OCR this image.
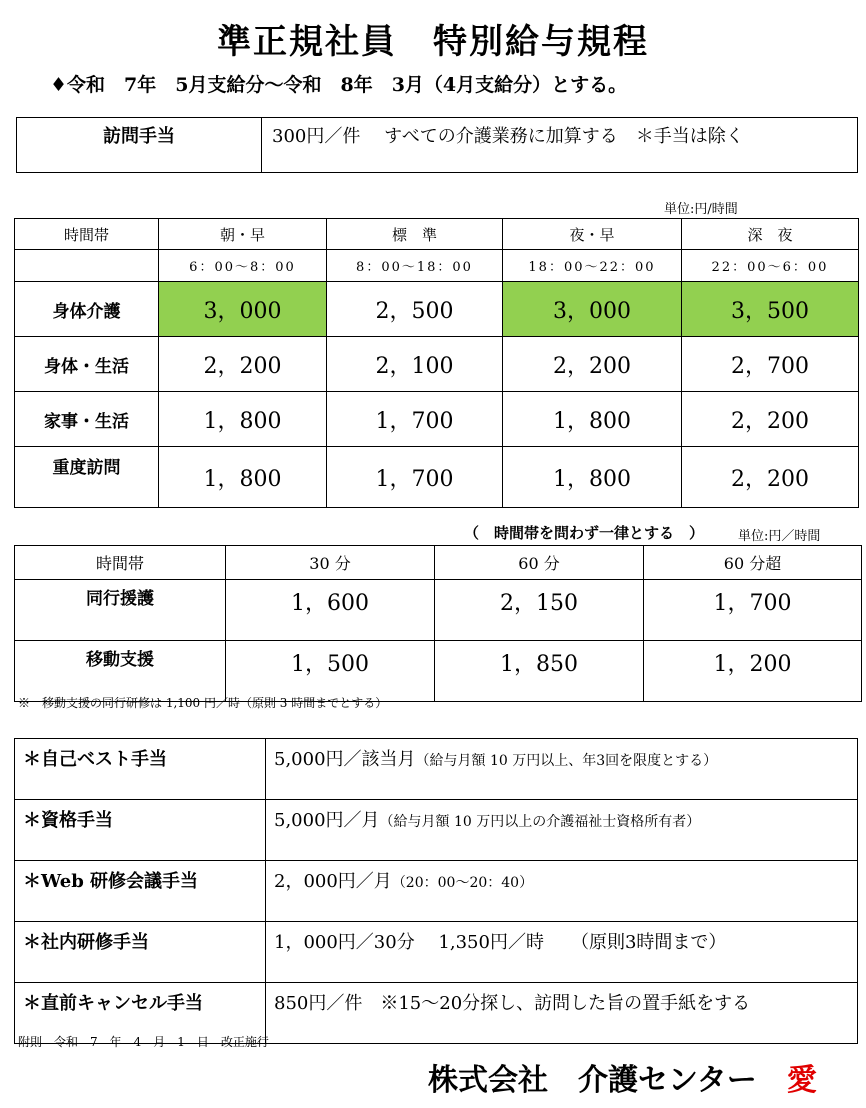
準正規社員　特別給与規程
♦令和　7年　5月支給分～令和　8年　3月（4月支給分）とする。
訪問手当	300円／件　 すべての介護業務に加算する　＊手当は除く
単位:円/時間
時間帯	朝・早	標　準	夜・早	深　夜
	6：00～8：00	8：00～18：00	18：00～22：00	22：00～6：00
身体介護	3，000	2，500	3，000	3，500
身体・生活	2，200	2，100	2，200	2，700
家事・生活	1，800	1，700	1，800	2，200
重度訪問	1，800	1，700	1，800	2，200
（　時間帯を問わず一律とする　）	単位:円／時間
時間帯	30 分	60 分	60 分超
同行援護	1，600	2，150	1，700
移動支援	1，500	1，850	1，200
※　移動支援の同行研修は 1,100 円／時（原則 3 時間までとする）
＊自己ベスト手当	5,000円／該当月（給与月額 10 万円以上、年3回を限度とする）
＊資格手当	5,000円／月（給与月額 10 万円以上の介護福祉士資格所有者）
＊Web 研修会議手当	2，000円／月（20：00～20：40）
＊社内研修手当	1，000円／30分　 1,350円／時　　（原則3時間まで）
＊直前キャンセル手当	850円／件　※15～20分探し、訪問した旨の置手紙をする
附則　令和　7　年　4　月　1　日　改正施行
株式会社　介護センター　 愛
